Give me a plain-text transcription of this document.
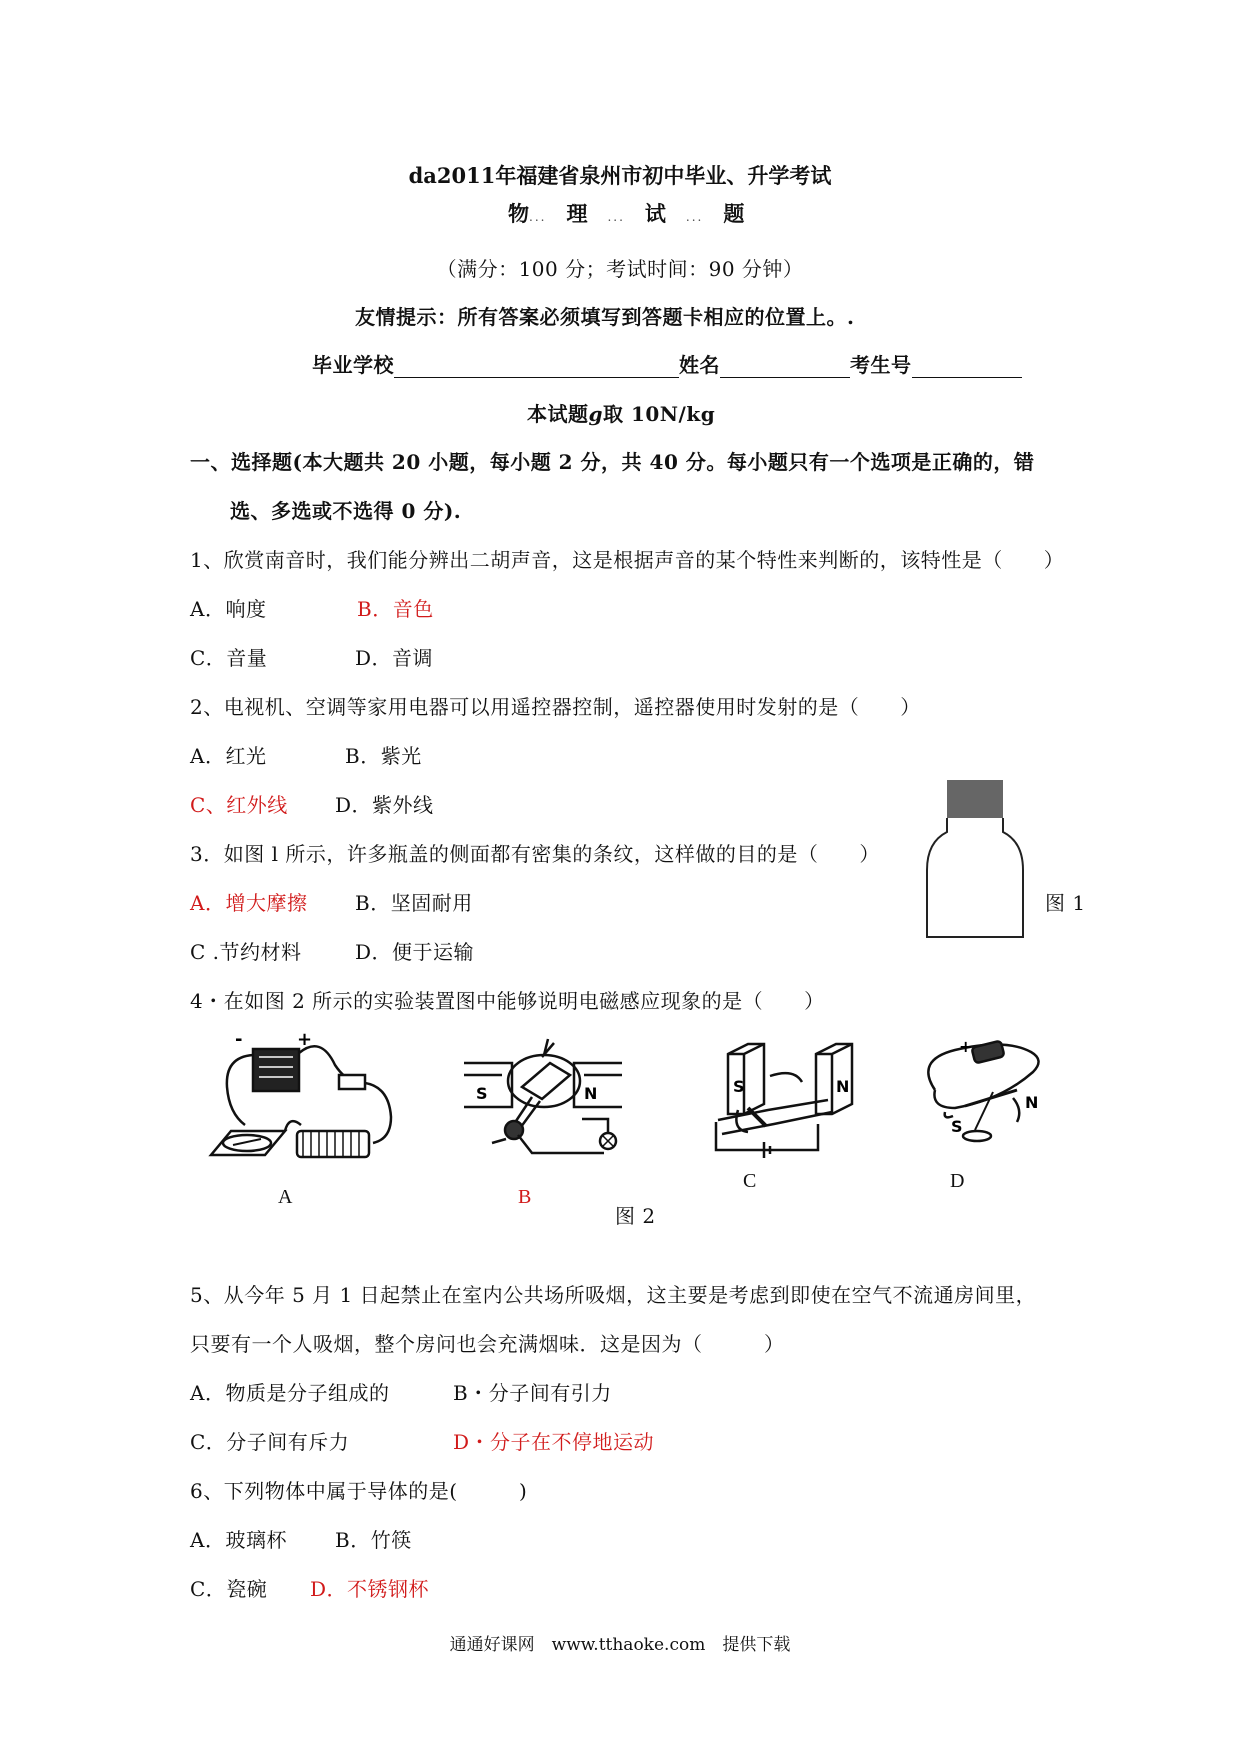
da2011年福建省泉州市初中毕业、升学考试
物... 理 ... 试 ... 题
（满分：100 分；考试时间：90 分钟）
友情提示：所有答案必须填写到答题卡相应的位置上。.
毕业学校	姓名	考生号
本试题g取 10N/kg
一、选择题(本大题共 20 小题，每小题 2 分，共 40 分。每小题只有一个选项是正确的，错
选、多选或不选得 0 分).
1、欣赏南音时，我们能分辨出二胡声音，这是根据声音的某个特性来判断的，该特性是（　　）
A．响度	B．音色
C．音量	D．音调
2、电视机、空调等家用电器可以用遥控器控制，遥控器使用时发射的是（　　）
A．红光	B．紫光
C、红外线 D．紫外线
3．如图 l 所示，许多瓶盖的侧面都有密集的条纹，这样做的目的是（　　）
A．增大摩擦 B．坚固耐用
C .节约材料	D．便于运输
图 1
4・在如图 2 所示的实验装置图中能够说明电磁感应现象的是（　　）
-	+
S	N	S	N
+
N
S
A	B
C	D
图 2
5、从今年 5 月 1 日起禁止在室内公共场所吸烟，这主要是考虑到即使在空气不流通房间里，
只要有一个人吸烟，整个房问也会充满烟味．这是因为（　　　）
A．物质是分子组成的	B・分子间有引力
C．分子间有斥力	D・分子在不停地运动
6、下列物体中属于导体的是(　　　)
A．玻璃杯 B．竹筷
C．瓷碗 D．不锈钢杯
通通好课网　www.tthaoke.com　提供下载
